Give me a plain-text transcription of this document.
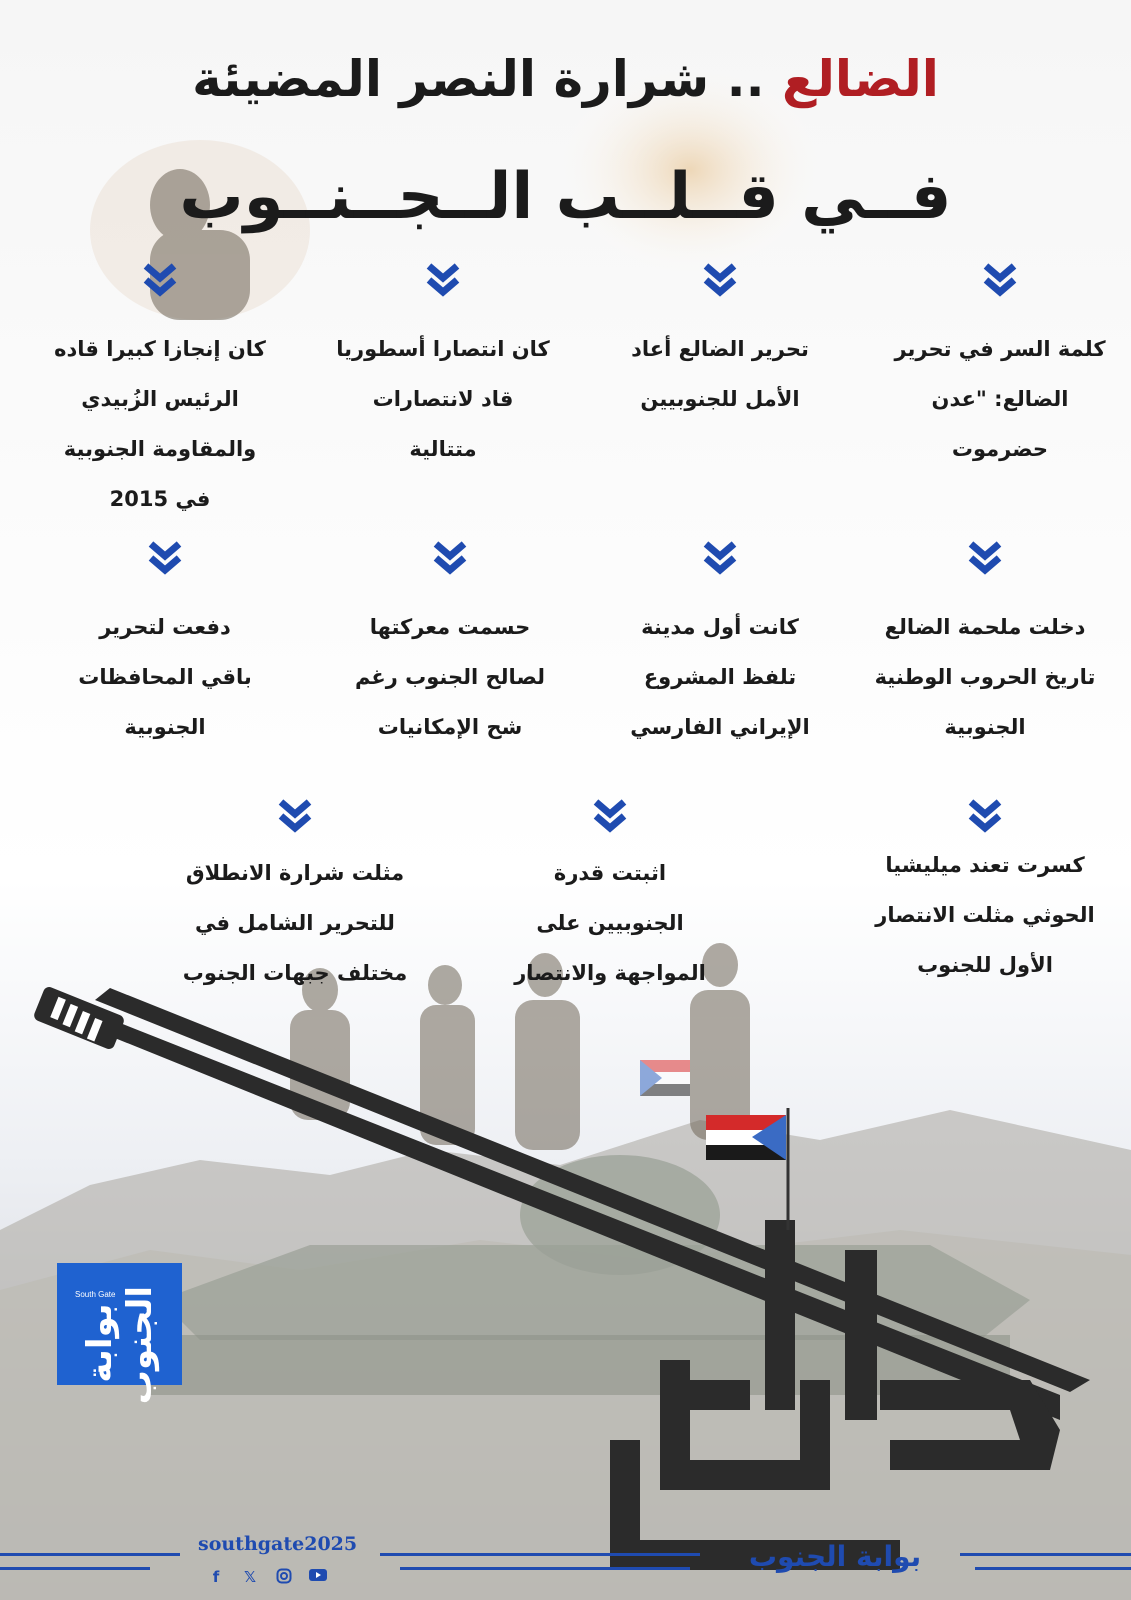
الضالع .. شرارة النصر المضيئة
فــي قــلــب الــجــنــوب
كلمة السر في تحرير
الضالع: "عدن
حضرموت
تحرير الضالع أعاد
الأمل للجنوبيين
كان انتصارا أسطوريا
قاد لانتصارات
متتالية
كان إنجازا كبيرا قاده
الرئيس الزُبيدي
والمقاومة الجنوبية
في 2015
دخلت ملحمة الضالع
تاريخ الحروب الوطنية
الجنوبية
كانت أول مدينة
تلفظ المشروع
الإيراني الفارسي
حسمت معركتها
لصالح الجنوب رغم
شح الإمكانيات
دفعت لتحرير
باقي المحافظات
الجنوبية
كسرت تعند ميليشيا
الحوثي مثلت الانتصار
الأول للجنوب
اثبتت قدرة
الجنوبيين على
المواجهة والانتصار
مثلت شرارة الانطلاق
للتحرير الشامل في
مختلف جبهات الجنوب
South Gate
بوابة الجنوب
southgate2025	بوابة الجنوب
f	𝕏
